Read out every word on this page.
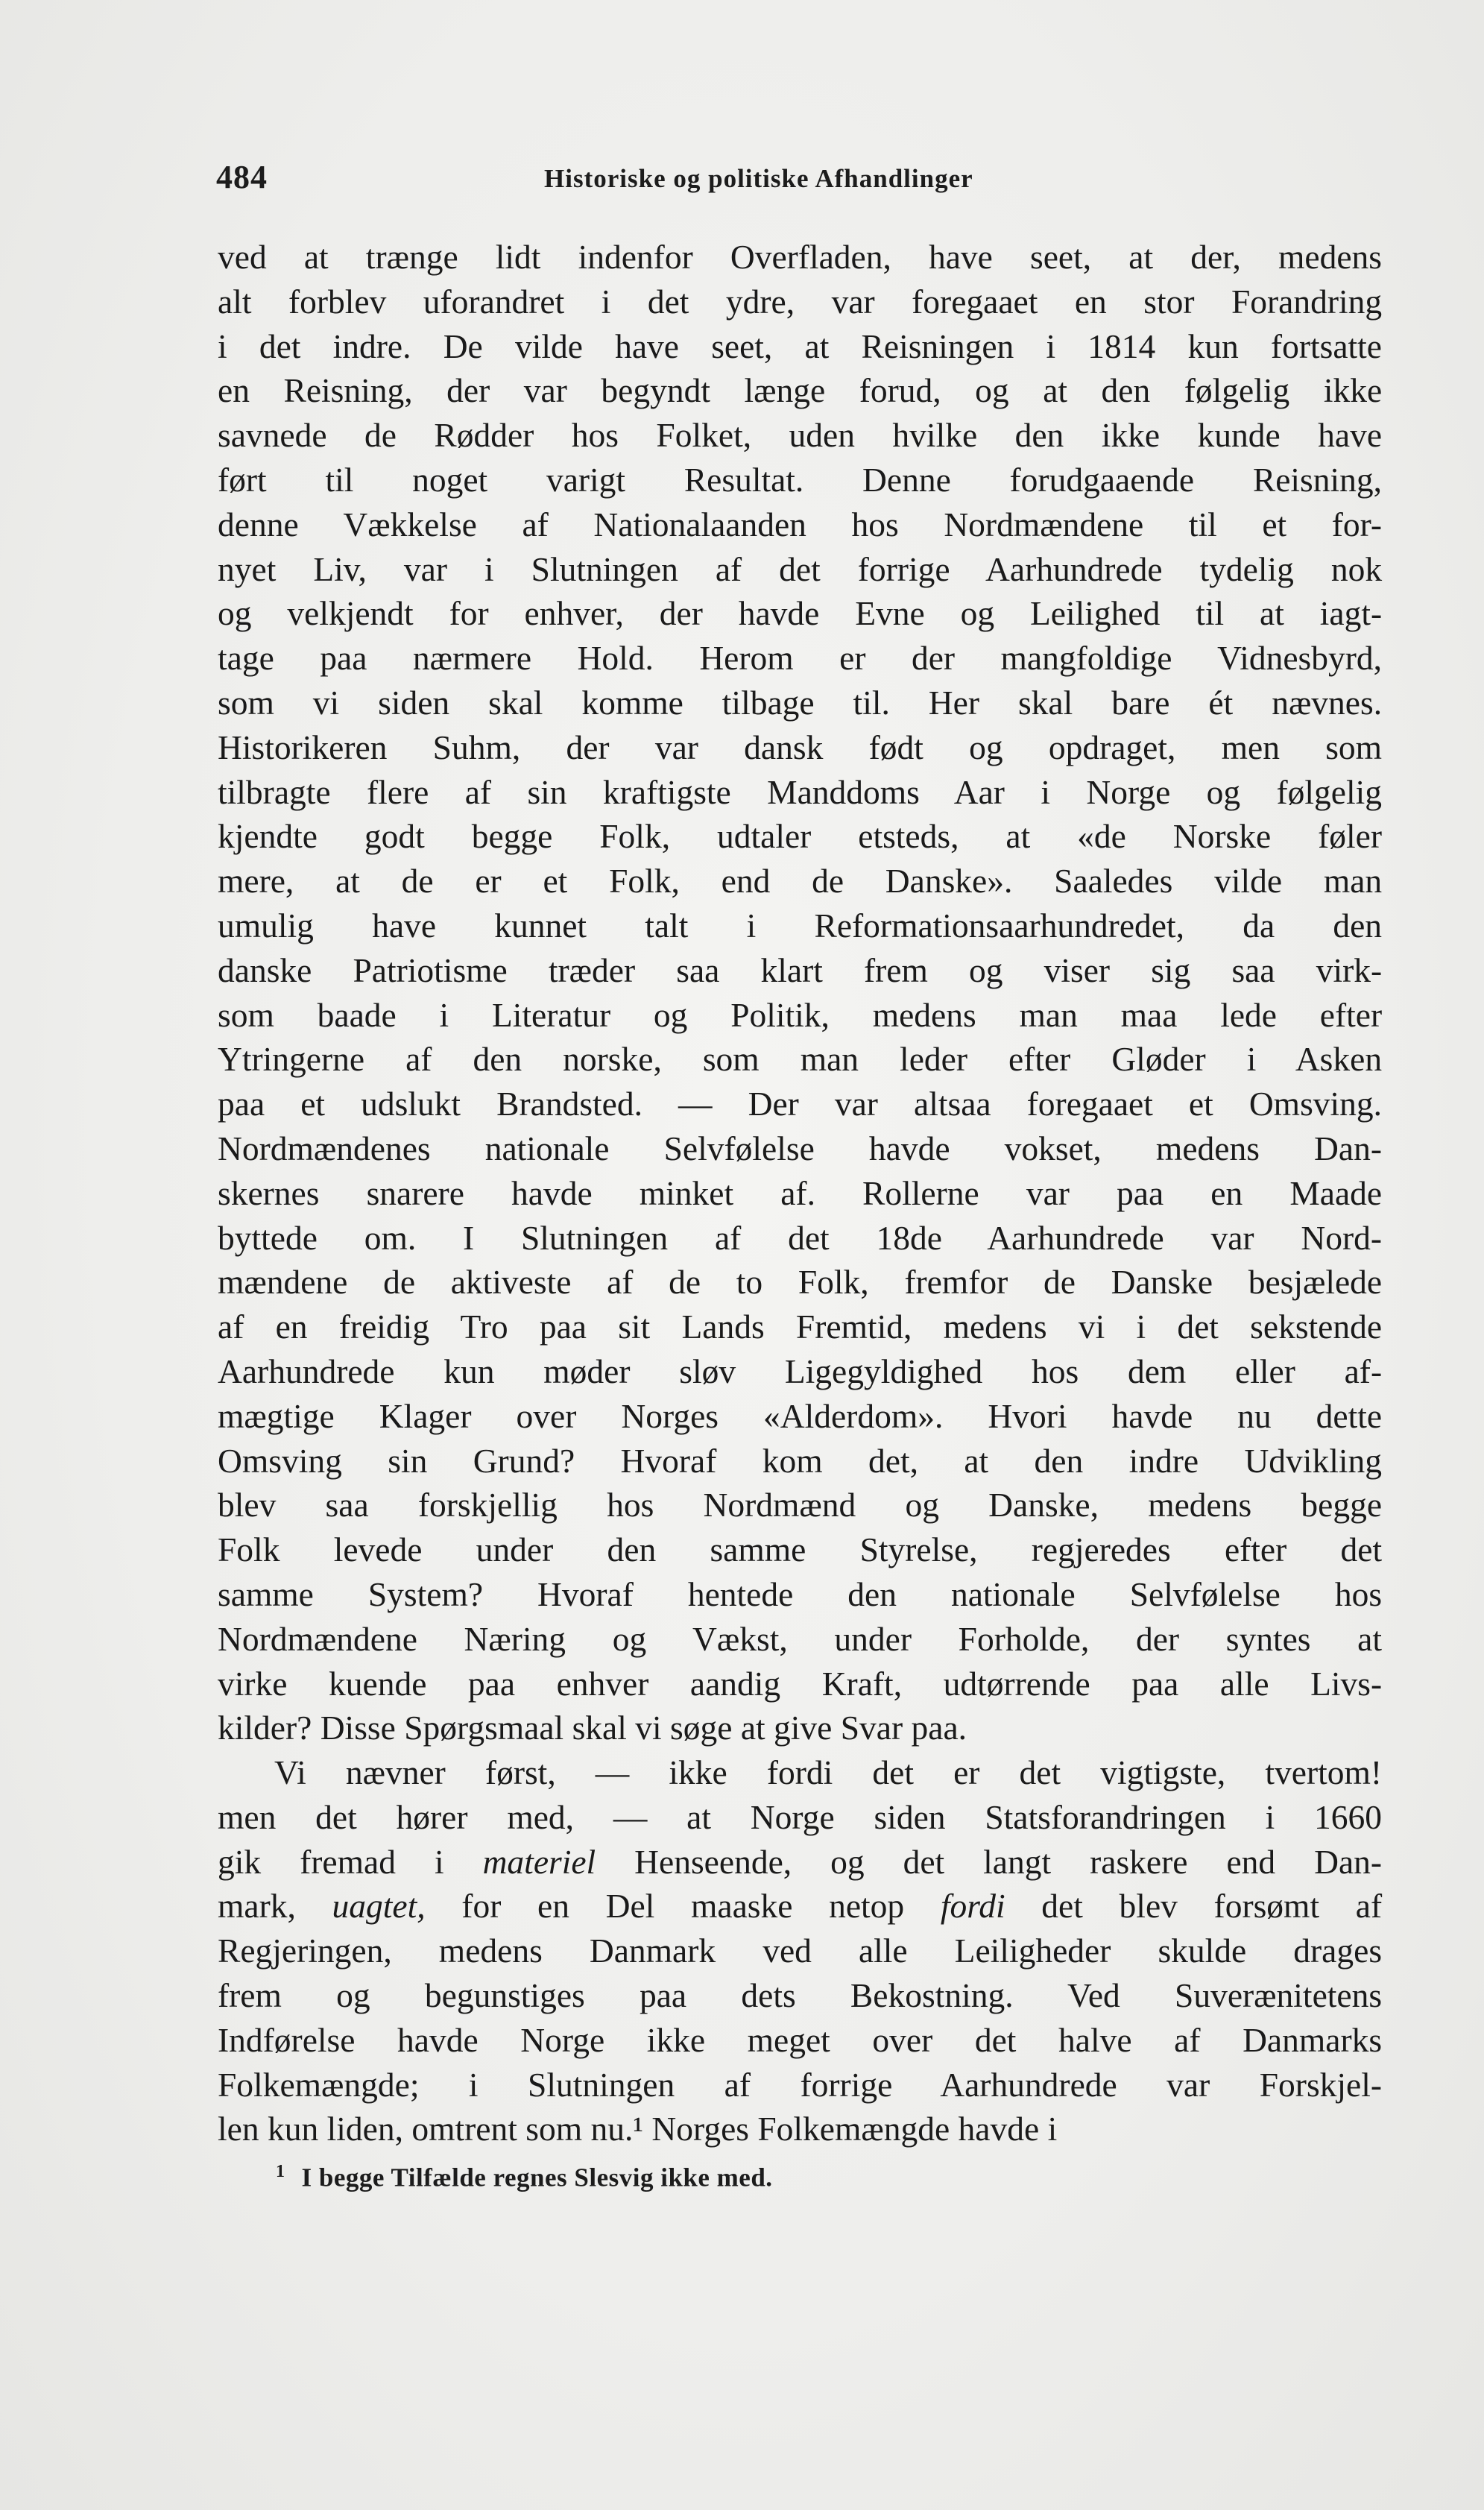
484	Historiske og politiske Afhandlinger

ved at trænge lidt indenfor Overfladen, have seet, at der, medens
alt forblev uforandret i det ydre, var foregaaet en stor Forandring
i det indre. De vilde have seet, at Reisningen i 1814 kun fortsatte
en Reisning, der var begyndt længe forud, og at den følgelig ikke
savnede de Rødder hos Folket, uden hvilke den ikke kunde have
ført til noget varigt Resultat. Denne forudgaaende Reisning,
denne Vækkelse af Nationalaanden hos Nordmændene til et for-
nyet Liv, var i Slutningen af det forrige Aarhundrede tydelig nok
og velkjendt for enhver, der havde Evne og Leilighed til at iagt-
tage paa nærmere Hold. Herom er der mangfoldige Vidnesbyrd,
som vi siden skal komme tilbage til. Her skal bare ét nævnes.
Historikeren Suhm, der var dansk født og opdraget, men som
tilbragte flere af sin kraftigste Manddoms Aar i Norge og følgelig
kjendte godt begge Folk, udtaler etsteds, at «de Norske føler
mere, at de er et Folk, end de Danske». Saaledes vilde man
umulig have kunnet talt i Reformationsaarhundredet, da den
danske Patriotisme træder saa klart frem og viser sig saa virk-
som baade i Literatur og Politik, medens man maa lede efter
Ytringerne af den norske, som man leder efter Gløder i Asken
paa et udslukt Brandsted. — Der var altsaa foregaaet et Omsving.
Nordmændenes nationale Selvfølelse havde vokset, medens Dan-
skernes snarere havde minket af. Rollerne var paa en Maade
byttede om. I Slutningen af det 18de Aarhundrede var Nord-
mændene de aktiveste af de to Folk, fremfor de Danske besjælede
af en freidig Tro paa sit Lands Fremtid, medens vi i det sekstende
Aarhundrede kun møder sløv Ligegyldighed hos dem eller af-
mægtige Klager over Norges «Alderdom». Hvori havde nu dette
Omsving sin Grund? Hvoraf kom det, at den indre Udvikling
blev saa forskjellig hos Nordmænd og Danske, medens begge
Folk levede under den samme Styrelse, regjeredes efter det
samme System? Hvoraf hentede den nationale Selvfølelse hos
Nordmændene Næring og Vækst, under Forholde, der syntes at
virke kuende paa enhver aandig Kraft, udtørrende paa alle Livs-
kilder? Disse Spørgsmaal skal vi søge at give Svar paa.

Vi nævner først, — ikke fordi det er det vigtigste, tvertom!
men det hører med, — at Norge siden Statsforandringen i 1660
gik fremad i materiel Henseende, og det langt raskere end Dan-
mark, uagtet, for en Del maaske netop fordi det blev forsømt af
Regjeringen, medens Danmark ved alle Leiligheder skulde drages
frem og begunstiges paa dets Bekostning. Ved Suverænitetens
Indførelse havde Norge ikke meget over det halve af Danmarks
Folkemængde; i Slutningen af forrige Aarhundrede var Forskjel-
len kun liden, omtrent som nu.¹ Norges Folkemængde havde i

$^1$ I begge Tilfælde regnes Slesvig ikke med.
